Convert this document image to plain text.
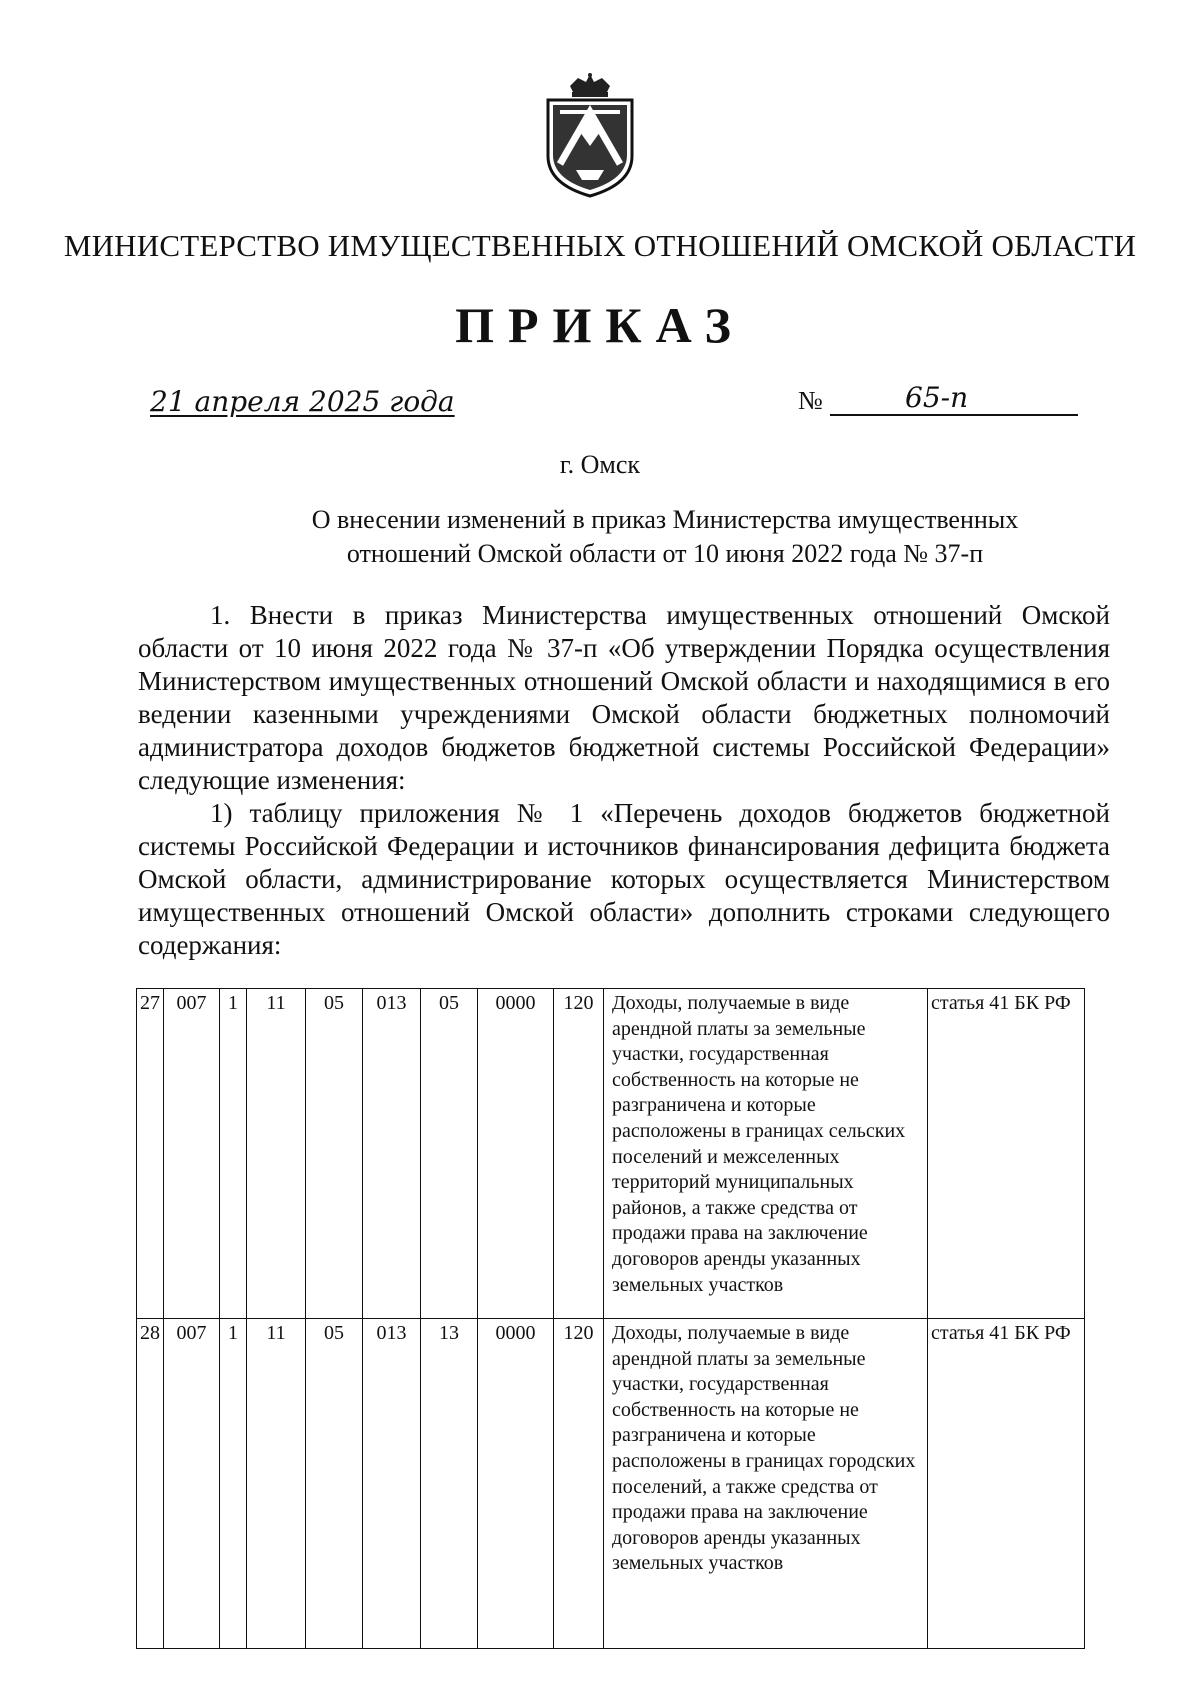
МИНИСТЕРСТВО ИМУЩЕСТВЕННЫХ ОТНОШЕНИЙ ОМСКОЙ ОБЛАСТИ
ПРИКАЗ
21 апреля 2025 года	№	65-п
г. Омск
О внесении изменений в приказ Министерства имущественных
отношений Омской области от 10 июня 2022 года № 37-п

1. Внести в приказ Министерства имущественных отношений Омской области от 10 июня 2022 года № 37-п «Об утверждении Порядка осуществления Министерством имущественных отношений Омской области и находящимися в его ведении казенными учреждениями Омской области бюджетных полномочий администратора доходов бюджетов бюджетной системы Российской Федерации» следующие изменения:

1) таблицу приложения № 1 «Перечень доходов бюджетов бюджетной системы Российской Федерации и источников финансирования дефицита бюджета Омской области, администрирование которых осуществляется Министерством имущественных отношений Омской области» дополнить строками следующего содержания:

27	007	1	11	05	013	05	0000	120	Доходы, получаемые в виде арендной платы за земельные участки, государственная собственность на которые не разграничена и которые расположены в границах сельских поселений и межселенных территорий муниципальных районов, а также средства от продажи права на заключение договоров аренды указанных земельных участков	статья 41 БК РФ
28	007	1	11	05	013	13	0000	120	Доходы, получаемые в виде арендной платы за земельные участки, государственная собственность на которые не разграничена и которые расположены в границах городских поселений, а также средства от продажи права на заключение договоров аренды указанных земельных участков	статья 41 БК РФ
